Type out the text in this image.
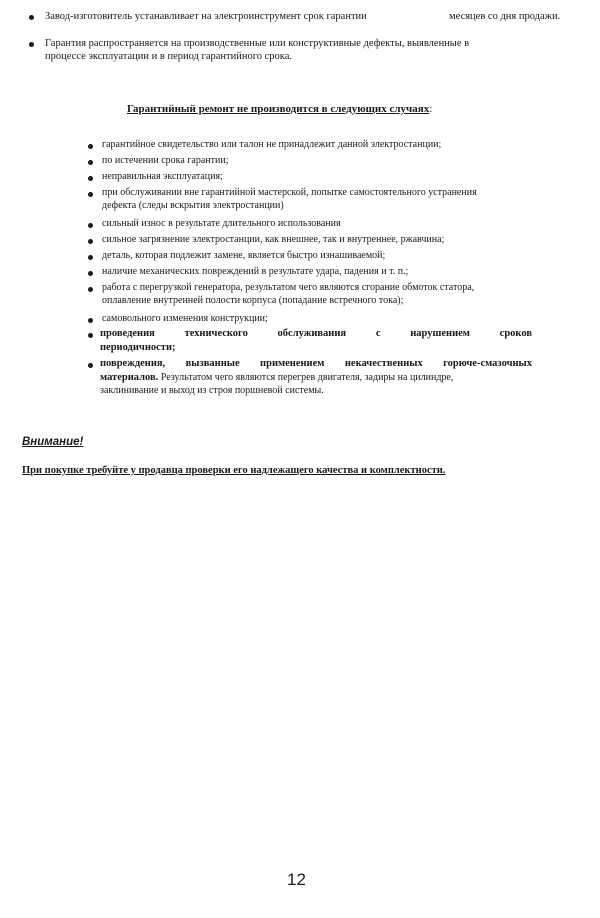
Завод-изготовитель устанавливает на электроинструмент срок гарантии	месяцев со дня продажи.
Гарантия распространяется на производственные или конструктивные дефекты, выявленные в
процессе эксплуатации и в период гарантийного срока.
Гарантийный ремонт не производится в следующих случаях:
гарантийное свидетельство или талон не принадлежит данной электростанции;
по истечении срока гарантии;
неправильная эксплуатация;
при обслуживании вне гарантийной мастерской, попытке самостоятельного устранения
дефекта (следы вскрытия электростанции)
сильный износ в результате длительного использования
сильное загрязнение электростанции, как внешнее, так и внутреннее, ржавчина;
деталь, которая подлежит замене, является быстро изнашиваемой;
наличие механических повреждений в результате удара, падения и т. п.;
работа с перегрузкой генератора, результатом чего являются сгорание обмоток статора,
оплавление внутренней полости корпуса (попадание встречного тока);
самовольного изменения конструкции;
проведения технического обслуживания с нарушением сроков
периодичности;
повреждения, вызванные применением некачественных горюче-смазочных
материалов. Результатом чего являются перегрев двигателя, задиры на цилиндре,
заклинивание и выход из строя поршневой системы.
Внимание!
При покупке требуйте у продавца проверки его надлежащего качества и комплектности.
12
